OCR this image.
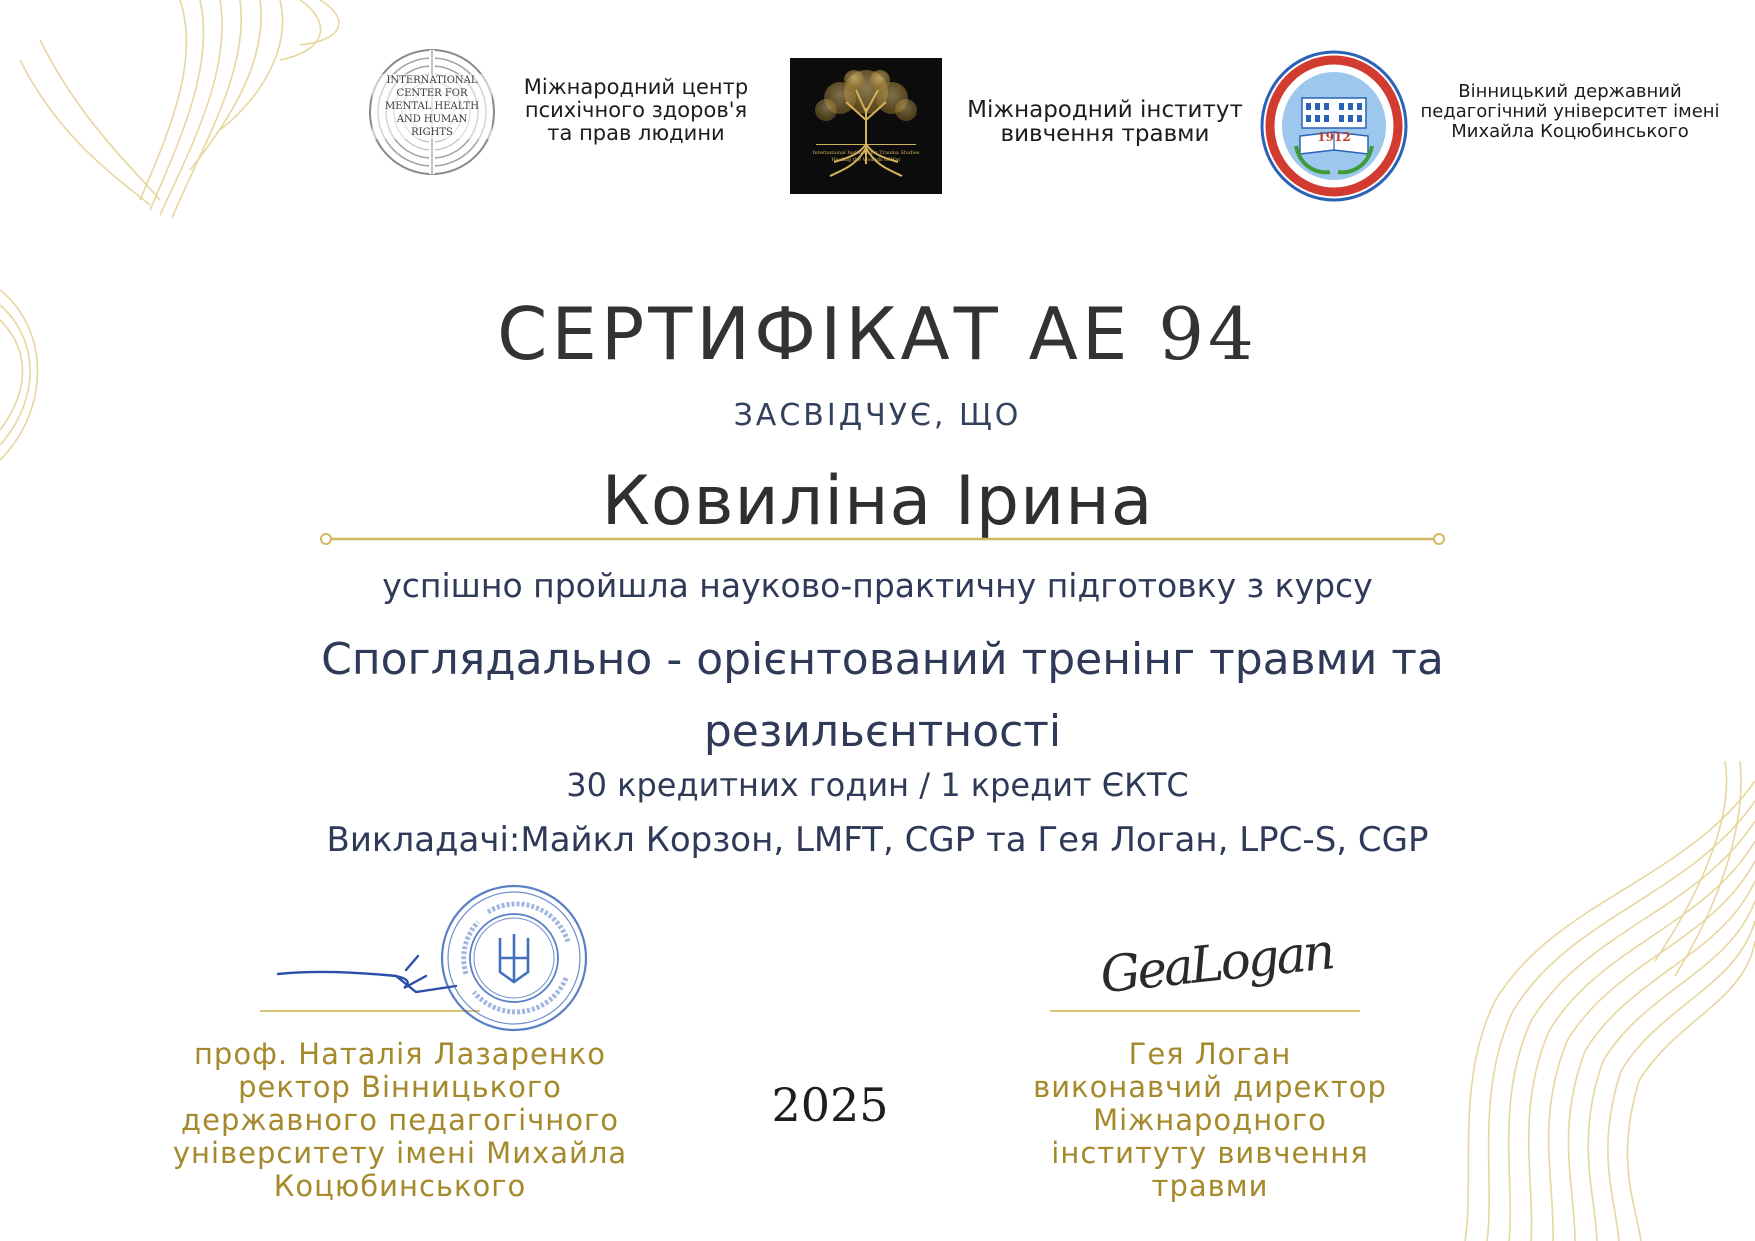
INTERNATIONAL
CENTER FOR
MENTAL HEALTH
AND HUMAN
RIGHTS
Міжнародний центр
психічного здоров'я
та прав людини
International Institute for Trauma Studies
Healing the Wounds of War
Міжнародний інститут
вивчення травми	1912
Вінницький державний
педагогічний університет імені
Михайла Коцюбинського
СЕРТИФІКАТ АЕ 94
ЗАСВІДЧУЄ, ЩО
Ковиліна Ірина
успішно пройшла науково-практичну підготовку з курсу
Споглядально - орієнтований тренінг травми та резильєнтності
30 кредитних годин / 1 кредит ЄКТС
Викладачі:Майкл Корзон, LMFT, CGP та Гея Логан, LPC-S, CGP
проф. Наталія Лазаренко
ректор Вінницького
державного педагогічного
університету імені Михайла
Коцюбинського
2025
GeaLogan
Гея Логан
виконавчий директор
Міжнародного
інституту вивчення
травми
